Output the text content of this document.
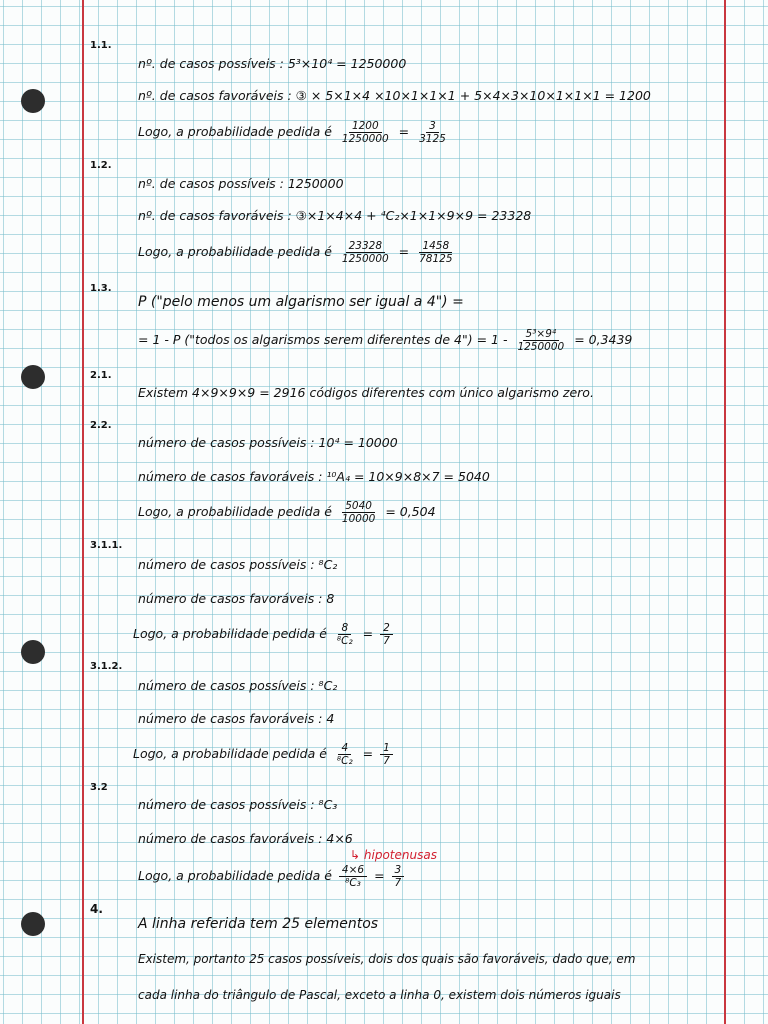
1.1.
nº. de casos possíveis : 5³×10⁴ = 1250000
nº. de casos favoráveis : ③ × 5×1×4 ×10×1×1×1 + 5×4×3×10×1×1×1 = 1200
Logo, a probabilidade pedida é $\frac{1200}{1250000} = \frac{3}{3125}$
1.2.
nº. de casos possíveis : 1250000
nº. de casos favoráveis : ③×1×4×4 + ⁴C₂×1×1×9×9 = 23328
Logo, a probabilidade pedida é $\frac{23328}{1250000} = \frac{1458}{78125}$
1.3.
P ("pelo menos um algarismo ser igual a 4") =
= 1 - P ("todos os algarismos serem diferentes de 4") = $1 - \frac{\text{5³×9⁴}}{1250000} = 0,3439$
2.1.
Existem 4×9×9×9 = 2916 códigos diferentes com único algarismo zero.
2.2.
número de casos possíveis : 10⁴ = 10000
número de casos favoráveis : ¹⁰A₄ = 10×9×8×7 = 5040
Logo, a probabilidade pedida é $\frac{5040}{10000} = 0,504$
3.1.1.
número de casos possíveis : ⁸C₂
número de casos favoráveis : 8
Logo, a probabilidade pedida é $\frac{8}{\text{⁸C₂}} = \frac{2}{7}$
3.1.2.
número de casos possíveis : ⁸C₂
número de casos favoráveis : 4
Logo, a probabilidade pedida é $\frac{4}{\text{⁸C₂}} = \frac{1}{7}$
3.2
número de casos possíveis : ⁸C₃
número de casos favoráveis : 4×6
↳ hipotenusas
Logo, a probabilidade pedida é $\frac{4\times 6}{\text{⁸C₃}} = \frac{3}{7}$
4.
A linha referida tem 25 elementos
Existem, portanto 25 casos possíveis, dois dos quais são favoráveis, dado que, em
cada linha do triângulo de Pascal, exceto a linha 0, existem dois números iguais
